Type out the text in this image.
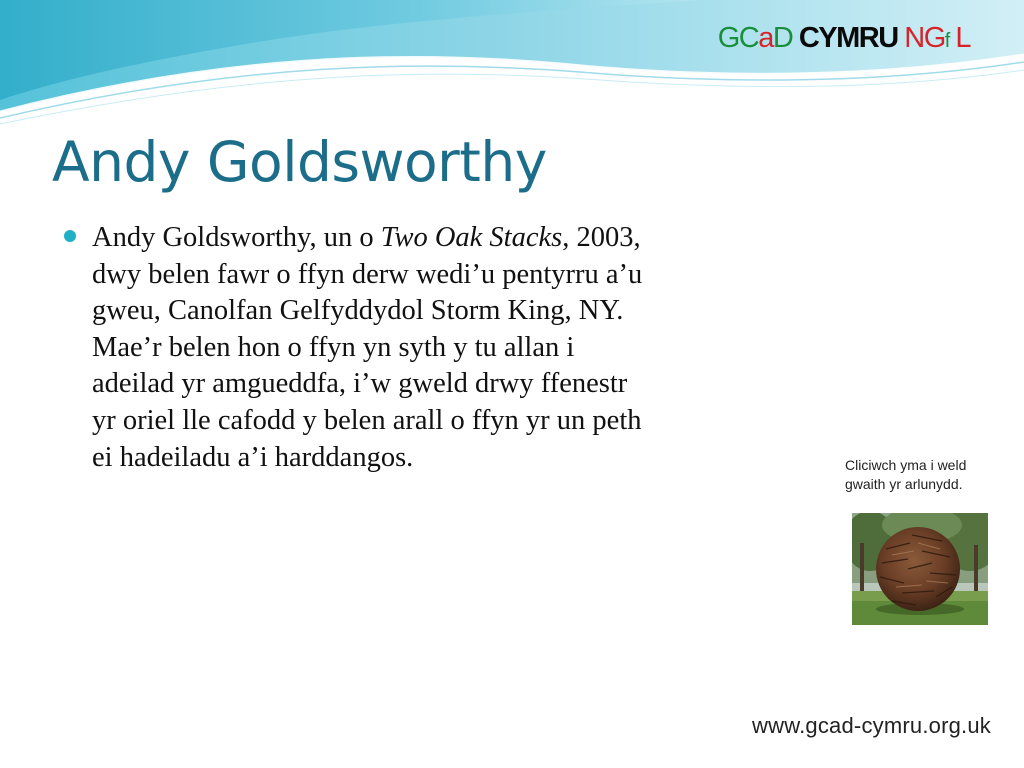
GCaD CYMRU NGf L
Andy Goldsworthy

Andy Goldsworthy, un o Two Oak Stacks, 2003, dwy belen fawr o ffyn derw wedi’u pentyrru a’u gweu, Canolfan Gelfyddydol Storm King, NY. Mae’r belen hon o ffyn yn syth y tu allan i adeilad yr amgueddfa, i’w gweld drwy ffenestr yr oriel lle cafodd y belen arall o ffyn yr un peth ei hadeiladu a’i harddangos.	Cliciwch yma i weld
gwaith yr arlunydd.
www.gcad-cymru.org.uk
